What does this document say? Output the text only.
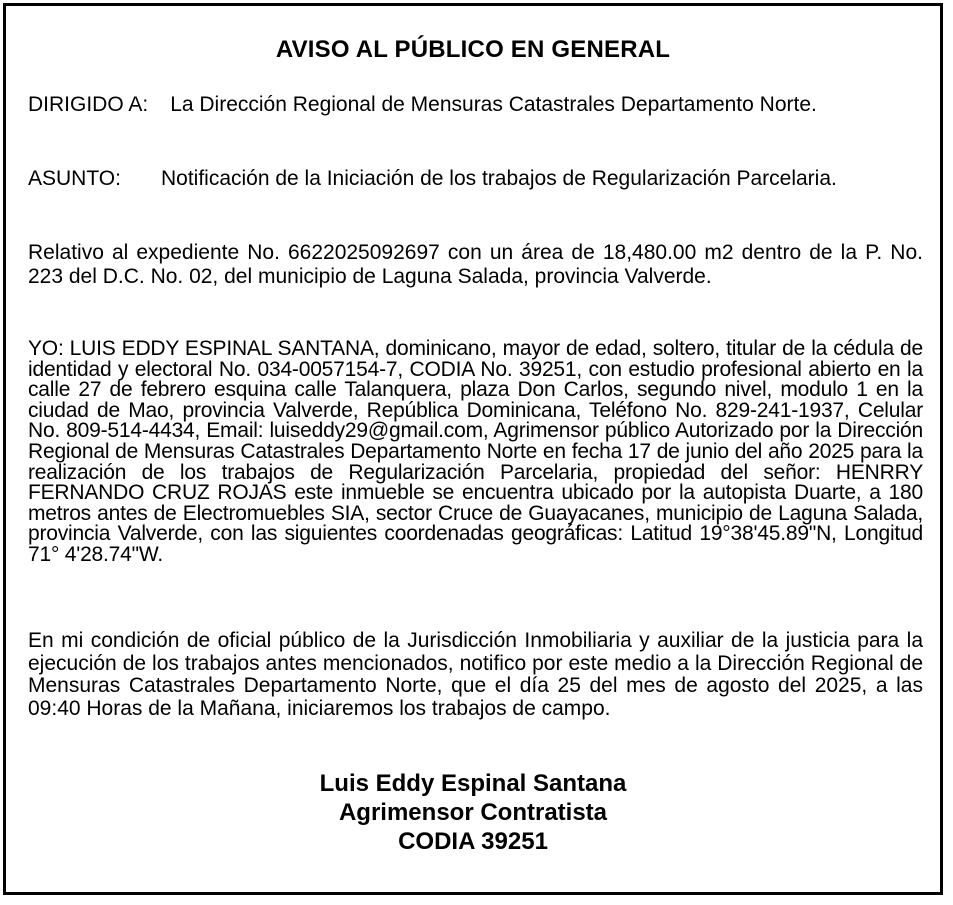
AVISO AL PÚBLICO EN GENERAL
DIRIGIDO A: La Dirección Regional de Mensuras Catastrales Departamento Norte.
ASUNTO: Notificación de la Iniciación de los trabajos de Regularización Parcelaria.
Relativo al expediente No. 6622025092697 con un área de 18,480.00 m2 dentro de la P. No. 223 del D.C. No. 02, del municipio de Laguna Salada, provincia Valverde.
YO: LUIS EDDY ESPINAL SANTANA, dominicano, mayor de edad, soltero, titular de la cédula de identidad y electoral No. 034-0057154-7, CODIA No. 39251, con estudio profesional abierto en la calle 27 de febrero esquina calle Talanquera, plaza Don Carlos, segundo nivel, modulo 1 en la ciudad de Mao, provincia Valverde, República Dominicana, Teléfono No. 829-241-1937, Celular No. 809-514-4434, Email: luiseddy29@gmail.com, Agrimensor público Autorizado por la Dirección Regional de Mensuras Catastrales Departamento Norte en fecha 17 de junio del año 2025 para la realización de los trabajos de Regularización Parcelaria, propiedad del señor: HENRRY FERNANDO CRUZ ROJAS este inmueble se encuentra ubicado por la autopista Duarte, a 180 metros antes de Electromuebles SIA, sector Cruce de Guayacanes, municipio de Laguna Salada, provincia Valverde, con las siguientes coordenadas geográficas: Latitud 19°38'45.89"N, Longitud 71° 4'28.74"W.
En mi condición de oficial público de la Jurisdicción Inmobiliaria y auxiliar de la justicia para la ejecución de los trabajos antes mencionados, notifico por este medio a la Dirección Regional de Mensuras Catastrales Departamento Norte, que el día 25 del mes de agosto del 2025, a las 09:40 Horas de la Mañana, iniciaremos los trabajos de campo.
Luis Eddy Espinal Santana
Agrimensor Contratista
CODIA 39251
